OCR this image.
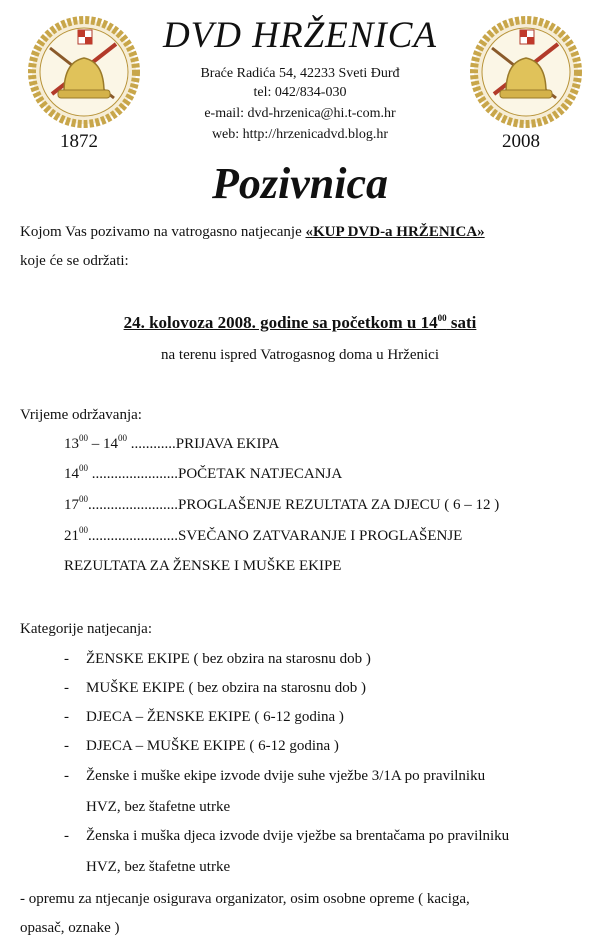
1872	2008
DVD HRŽENICA
Braće Radića 54, 42233 Sveti Đurđ
tel: 042/834-030
e-mail: dvd-hrzenica@hi.t-com.hr
web: http://hrzenicadvd.blog.hr
Pozivnica
Kojom Vas pozivamo na vatrogasno natjecanje «KUP DVD-a HRŽENICA»
koje će se održati:
24. kolovoza 2008. godine sa početkom u $14^{00}$ sati
na terenu ispred Vatrogasnog doma u Hrženici
Vrijeme održavanja:
$13^{00} - 14^{00}$ ............PRIJAVA EKIPA
$14^{00}$ .......................POČETAK NATJECANJA
$17^{00}........................PROGLAŠENJE$ REZULTATA ZA DJECU ( 6 – 12 )
$21^{00}........................SVEČANO$ ZATVARANJE I PROGLAŠENJE
REZULTATA ZA ŽENSKE I MUŠKE EKIPE
Kategorije natjecanja:
- ŽENSKE EKIPE ( bez obzira na starosnu dob )
- MUŠKE EKIPE ( bez obzira na starosnu dob )
- DJECA – ŽENSKE EKIPE ( 6-12 godina )
- DJECA – MUŠKE EKIPE ( 6-12 godina )
- Ženske i muške ekipe izvode dvije suhe vježbe 3/1A po pravilniku
HVZ, bez štafetne utrke
- Ženska i muška djeca izvode dvije vježbe sa brentačama po pravilniku
HVZ, bez štafetne utrke
- opremu za ntjecanje osigurava organizator, osim osobne opreme ( kaciga,
opasač, oznake )
